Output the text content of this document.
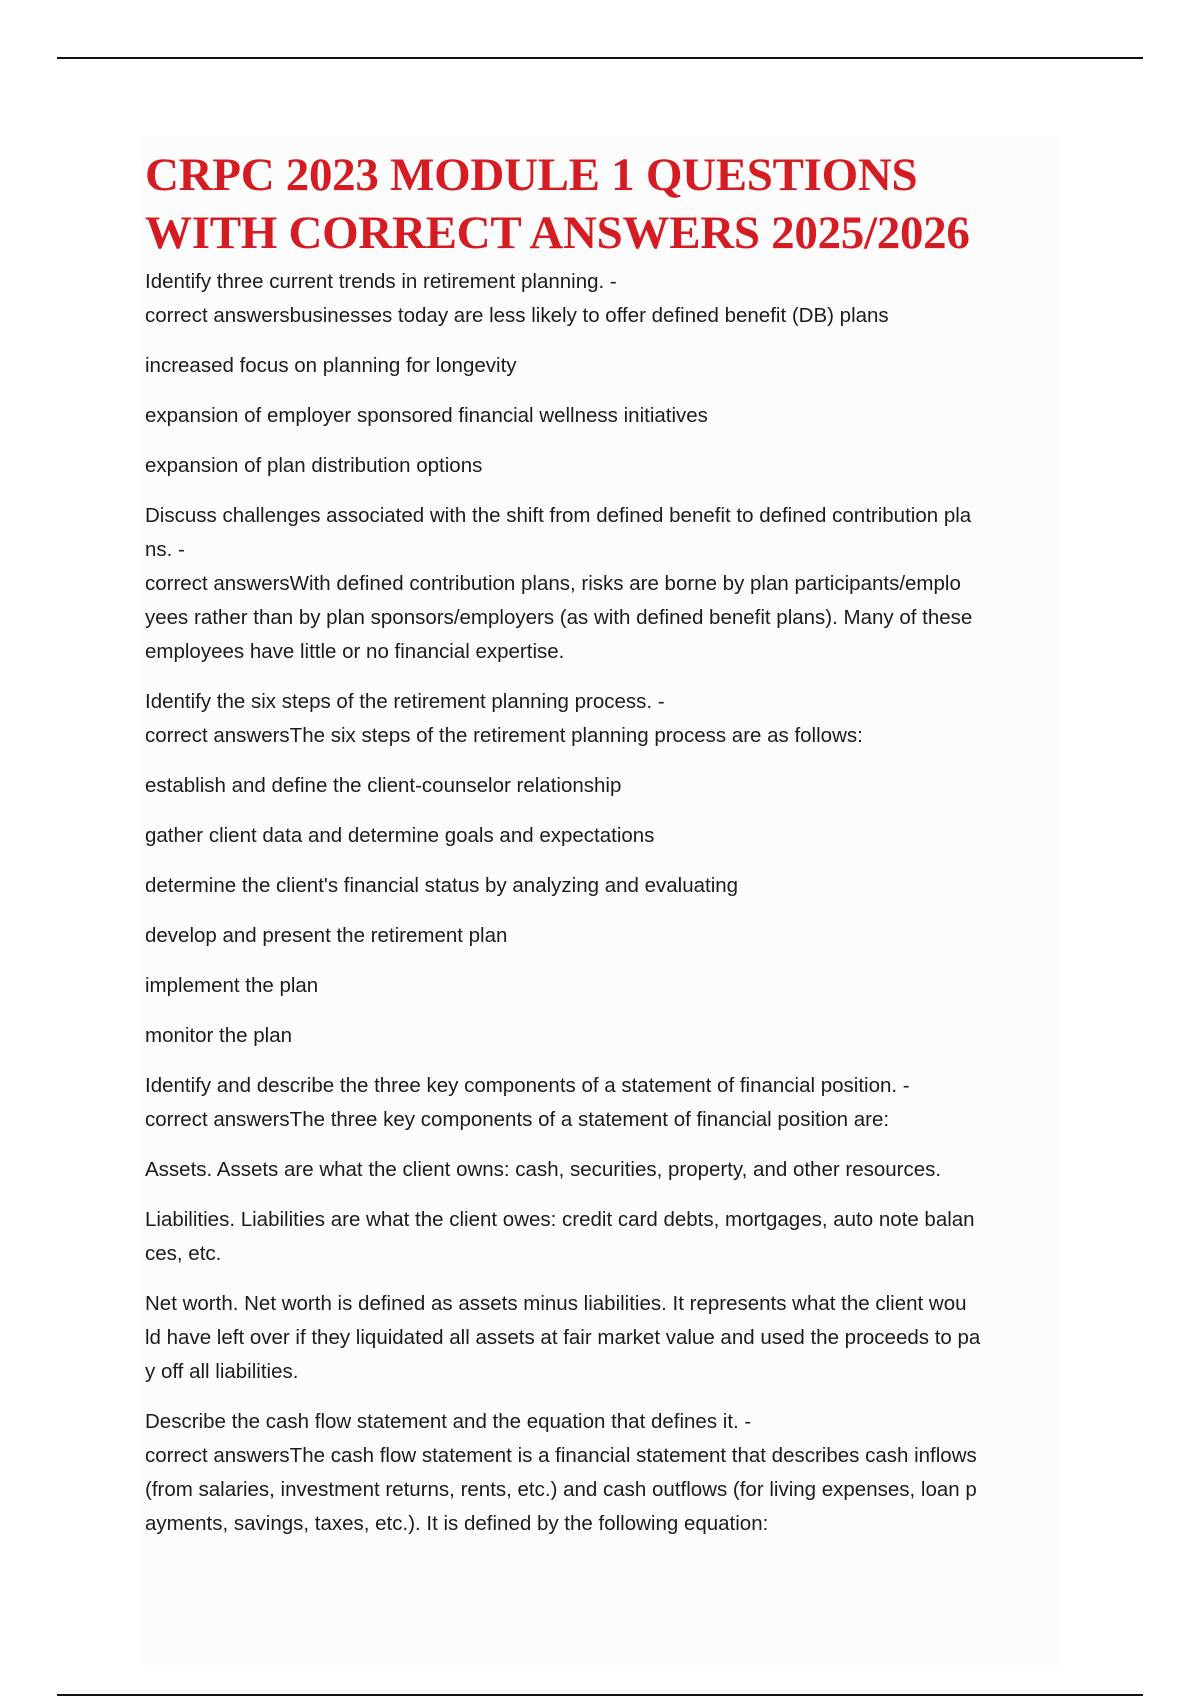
CRPC 2023 MODULE 1 QUESTIONS
WITH CORRECT ANSWERS 2025/2026
Identify three current trends in retirement planning. -
correct answersbusinesses today are less likely to offer defined benefit (DB) plans
increased focus on planning for longevity
expansion of employer sponsored financial wellness initiatives
expansion of plan distribution options
Discuss challenges associated with the shift from defined benefit to defined contribution pla
ns. -
correct answersWith defined contribution plans, risks are borne by plan participants/emplo
yees rather than by plan sponsors/employers (as with defined benefit plans). Many of these
employees have little or no financial expertise.
Identify the six steps of the retirement planning process. -
correct answersThe six steps of the retirement planning process are as follows:
establish and define the client-counselor relationship
gather client data and determine goals and expectations
determine the client's financial status by analyzing and evaluating
develop and present the retirement plan
implement the plan
monitor the plan
Identify and describe the three key components of a statement of financial position. -
correct answersThe three key components of a statement of financial position are:
Assets. Assets are what the client owns: cash, securities, property, and other resources.
Liabilities. Liabilities are what the client owes: credit card debts, mortgages, auto note balan
ces, etc.
Net worth. Net worth is defined as assets minus liabilities. It represents what the client wou
ld have left over if they liquidated all assets at fair market value and used the proceeds to pa
y off all liabilities.
Describe the cash flow statement and the equation that defines it. -
correct answersThe cash flow statement is a financial statement that describes cash inflows
(from salaries, investment returns, rents, etc.) and cash outflows (for living expenses, loan p
ayments, savings, taxes, etc.). It is defined by the following equation:
